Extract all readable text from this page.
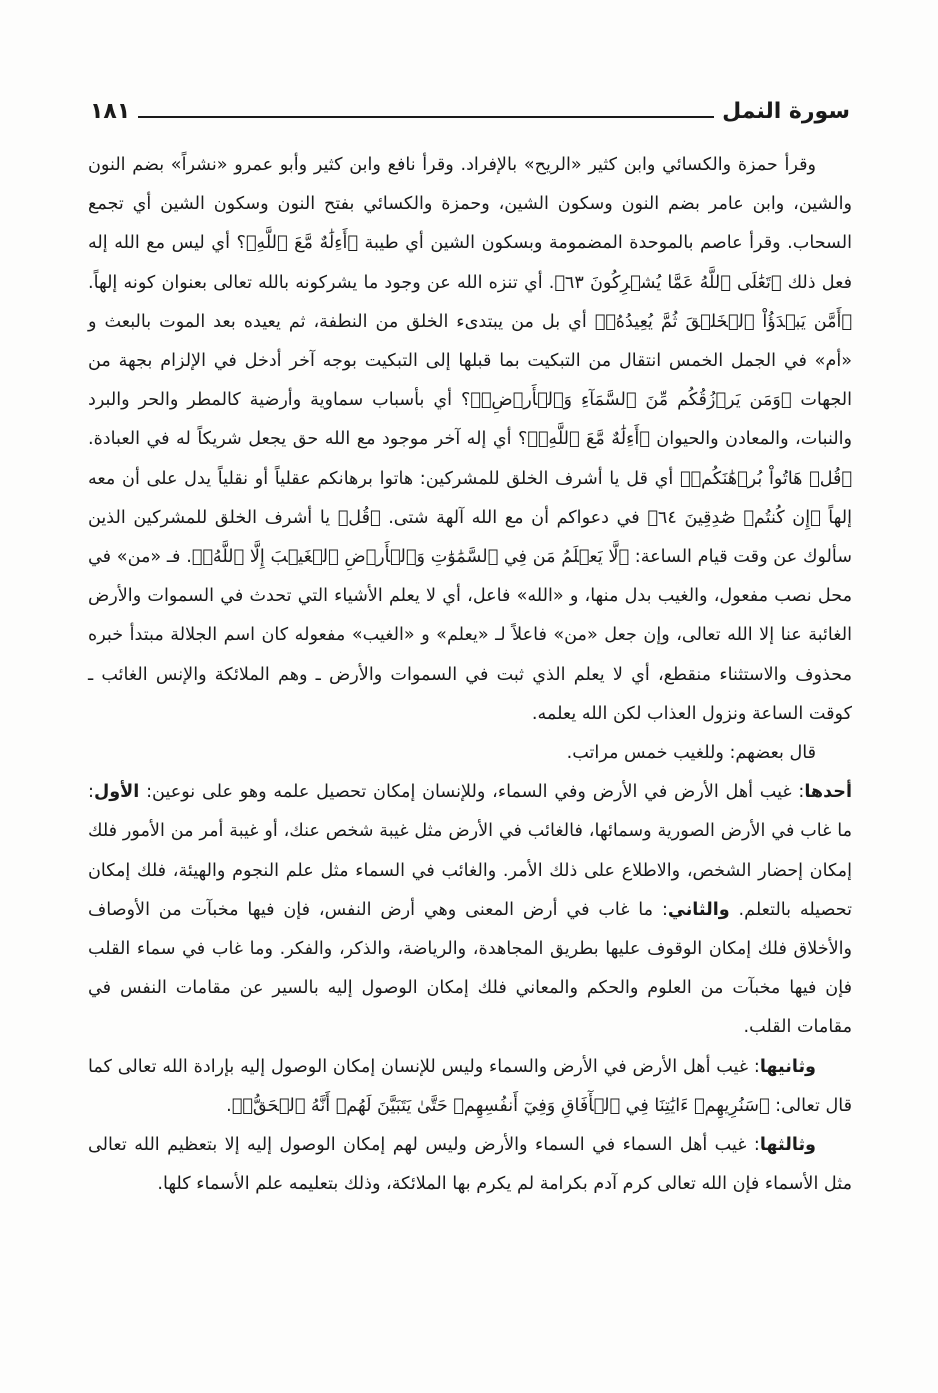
سورة النمل
١٨١

وقرأ حمزة والكسائي وابن كثير «الريح» بالإفراد. وقرأ نافع وابن كثير وأبو عمرو «نشراً» بضم النون والشين، وابن عامر بضم النون وسكون الشين، وحمزة والكسائي بفتح النون وسكون الشين أي تجمع السحاب. وقرأ عاصم بالموحدة المضمومة وبسكون الشين أي طيبة ﴿أَءِلَٰهٌ مَّعَ ٱللَّهِ﴾؟ أي ليس مع الله إله فعل ذلك ﴿تَعَٰلَى ٱللَّهُ عَمَّا يُشۡرِكُونَ ٦٣﴾. أي تنزه الله عن وجود ما يشركونه بالله تعالى بعنوان كونه إلهاً. ﴿أَمَّن يَبۡدَؤُاْ ٱلۡخَلۡقَ ثُمَّ يُعِيدُهُۥ﴾ أي بل من يبتدىء الخلق من النطفة، ثم يعيده بعد الموت بالبعث و «أم» في الجمل الخمس انتقال من التبكيت بما قبلها إلى التبكيت بوجه آخر أدخل في الإلزام بجهة من الجهات ﴿وَمَن يَرۡزُقُكُم مِّنَ ٱلسَّمَآءِ وَٱلۡأَرۡضِۗ﴾؟ أي بأسباب سماوية وأرضية كالمطر والحر والبرد والنبات، والمعادن والحيوان ﴿أَءِلَٰهٌ مَّعَ ٱللَّهِۚ﴾؟ أي إله آخر موجود مع الله حق يجعل شريكاً له في العبادة. ﴿قُلۡ هَاتُواْ بُرۡهَٰنَكُمۡ﴾ أي قل يا أشرف الخلق للمشركين: هاتوا برهانكم عقلياً أو نقلياً يدل على أن معه إلهاً ﴿إِن كُنتُمۡ صَٰدِقِينَ ٦٤﴾ في دعواكم أن مع الله آلهة شتى. ﴿قُل﴾ يا أشرف الخلق للمشركين الذين سألوك عن وقت قيام الساعة: ﴿لَّا يَعۡلَمُ مَن فِي ٱلسَّمَٰوَٰتِ وَٱلۡأَرۡضِ ٱلۡغَيۡبَ إِلَّا ٱللَّهُۚ﴾. فـ «من» في محل نصب مفعول، والغيب بدل منها، و «الله» فاعل، أي لا يعلم الأشياء التي تحدث في السموات والأرض الغائبة عنا إلا الله تعالى، وإن جعل «من» فاعلاً لـ «يعلم» و «الغيب» مفعوله كان اسم الجلالة مبتدأ خبره محذوف والاستثناء منقطع، أي لا يعلم الذي ثبت في السموات والأرض ـ وهم الملائكة والإنس الغائب ـ كوقت الساعة ونزول العذاب لكن الله يعلمه.

قال بعضهم: وللغيب خمس مراتب.

أحدها: غيب أهل الأرض في الأرض وفي السماء، وللإنسان إمكان تحصيل علمه وهو على نوعين: الأول: ما غاب في الأرض الصورية وسمائها، فالغائب في الأرض مثل غيبة شخص عنك، أو غيبة أمر من الأمور فلك إمكان إحضار الشخص، والاطلاع على ذلك الأمر. والغائب في السماء مثل علم النجوم والهيئة، فلك إمكان تحصيله بالتعلم. والثاني: ما غاب في أرض المعنى وهي أرض النفس، فإن فيها مخبآت من الأوصاف والأخلاق فلك إمكان الوقوف عليها بطريق المجاهدة، والرياضة، والذكر، والفكر. وما غاب في سماء القلب فإن فيها مخبآت من العلوم والحكم والمعاني فلك إمكان الوصول إليه بالسير عن مقامات النفس في مقامات القلب.

وثانيها: غيب أهل الأرض في الأرض والسماء وليس للإنسان إمكان الوصول إليه بإرادة الله تعالى كما قال تعالى: ﴿سَنُرِيهِمۡ ءَايَٰتِنَا فِي ٱلۡأٓفَاقِ وَفِيٓ أَنفُسِهِمۡ حَتَّىٰ يَتَبَيَّنَ لَهُمۡ أَنَّهُ ٱلۡحَقُّۗ﴾.

وثالثها: غيب أهل السماء في السماء والأرض وليس لهم إمكان الوصول إليه إلا بتعظيم الله تعالى مثل الأسماء فإن الله تعالى كرم آدم بكرامة لم يكرم بها الملائكة، وذلك بتعليمه علم الأسماء كلها.
